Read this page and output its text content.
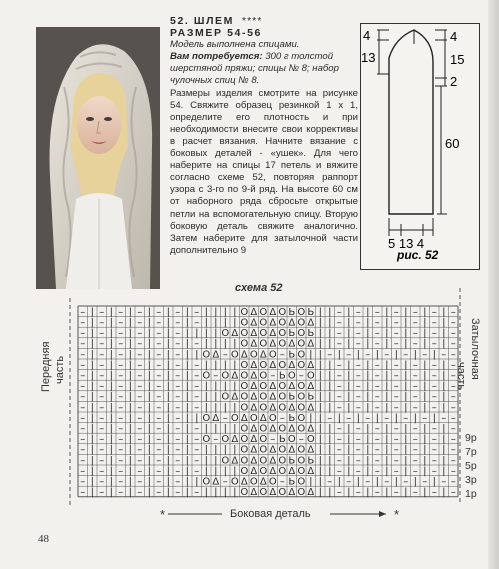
52. ШЛЕМ ****

РАЗМЕР 54-56

Модель выполнена спицами.

Вам потребуется: 300 г толстой шерстяной пряжи; спицы № 8; набор чулочных спиц № 8.

Размеры изделия смотрите на рисунке 54. Свяжите образец резинкой 1 х 1, определите его плотность и при необходимости внесите свои коррективы в расчет вязания. Начните вязание с боковых деталей - «ушек». Для чего наберите на спицы 17 петель и вяжите согласно схеме 52, повторяя раппорт узора с 3-го по 9-й ряд. На высоте 60 см от наборного ряда сбросьте открытые петли на вспомогательную спицу. Вторую боковую деталь свяжите аналогично. Затем наберите для затылочной части дополнительно 9

4
13
4
15
2
60
5 13 4
рис. 52
схема 52
Передняя часть	Затылочная
часть
– | – | – | – | – | – | – | | | | O Δ O Δ O Ь O Ь | | – | – | – | – | – | – | –
– | – | – | – | – | – | – | | | | O Δ O Δ O Δ O Δ | | – | – | – | – | – | – | –
– | – | – | – | – | – | | | | O Δ O Δ O Δ O Ь O Ь | | – | – | – | – | – | – | –
– | – | – | – | – | – | – | | | | O Δ O Δ O Δ O Δ | | – | – | – | – | – | – | –
– | – | – | – | – | – | | O Δ – O Δ O Δ O – Ь O | | – | – | – | – | – | – | – –
– | – | – | – | – | – | – | | | | O Δ O Δ O Δ O Δ | | – | – | – | – | – | – | –
– | – | – | – | – | – | – O – O Δ O Δ O – Ь O – O | | – | – | – | – | – | – | –
– | – | – | – | – | – | – | | | | O Δ O Δ O Δ O Δ | | – | – | – | – | – | – | –
– | – | – | – | – | – | – | | O Δ O Δ O Δ O Ь O Ь | | – | – | – | – | – | – | –
– | – | – | – | – | – | – | | | | O Δ O Δ O Δ O Δ | | – | – | – | – | – | – | –
– | – | – | – | – | – | | O Δ – O Δ O Δ O – Ь O | | – | – | – | – | – | – | – –
– | – | – | – | – | – | – | | | | O Δ O Δ O Δ O Δ | | – | – | – | – | – | – | –
– | – | – | – | – | – | – O – O Δ O Δ O – Ь O – O | | – | – | – | – | – | – | –
– | – | – | – | – | – | – | | | | O Δ O Δ O Δ O Δ | | – | – | – | – | – | – | –
– | – | – | – | – | – | – | | O Δ O Δ O Δ O Ь O Ь | | – | – | – | – | – | – | –
– | – | – | – | – | – | – | | | | O Δ O Δ O Δ O Δ | | – | – | – | – | – | – | –
– | – | – | – | – | – | | O Δ – O Δ O Δ O – Ь O | | – | – | – | – | – | – | – –
– | – | – | – | – | – | – | | | | O Δ O Δ O Δ O Δ | | – | – | – | – | – | – | –
*	*
Боковая деталь
9р
7р
5р
3р
1р
48
